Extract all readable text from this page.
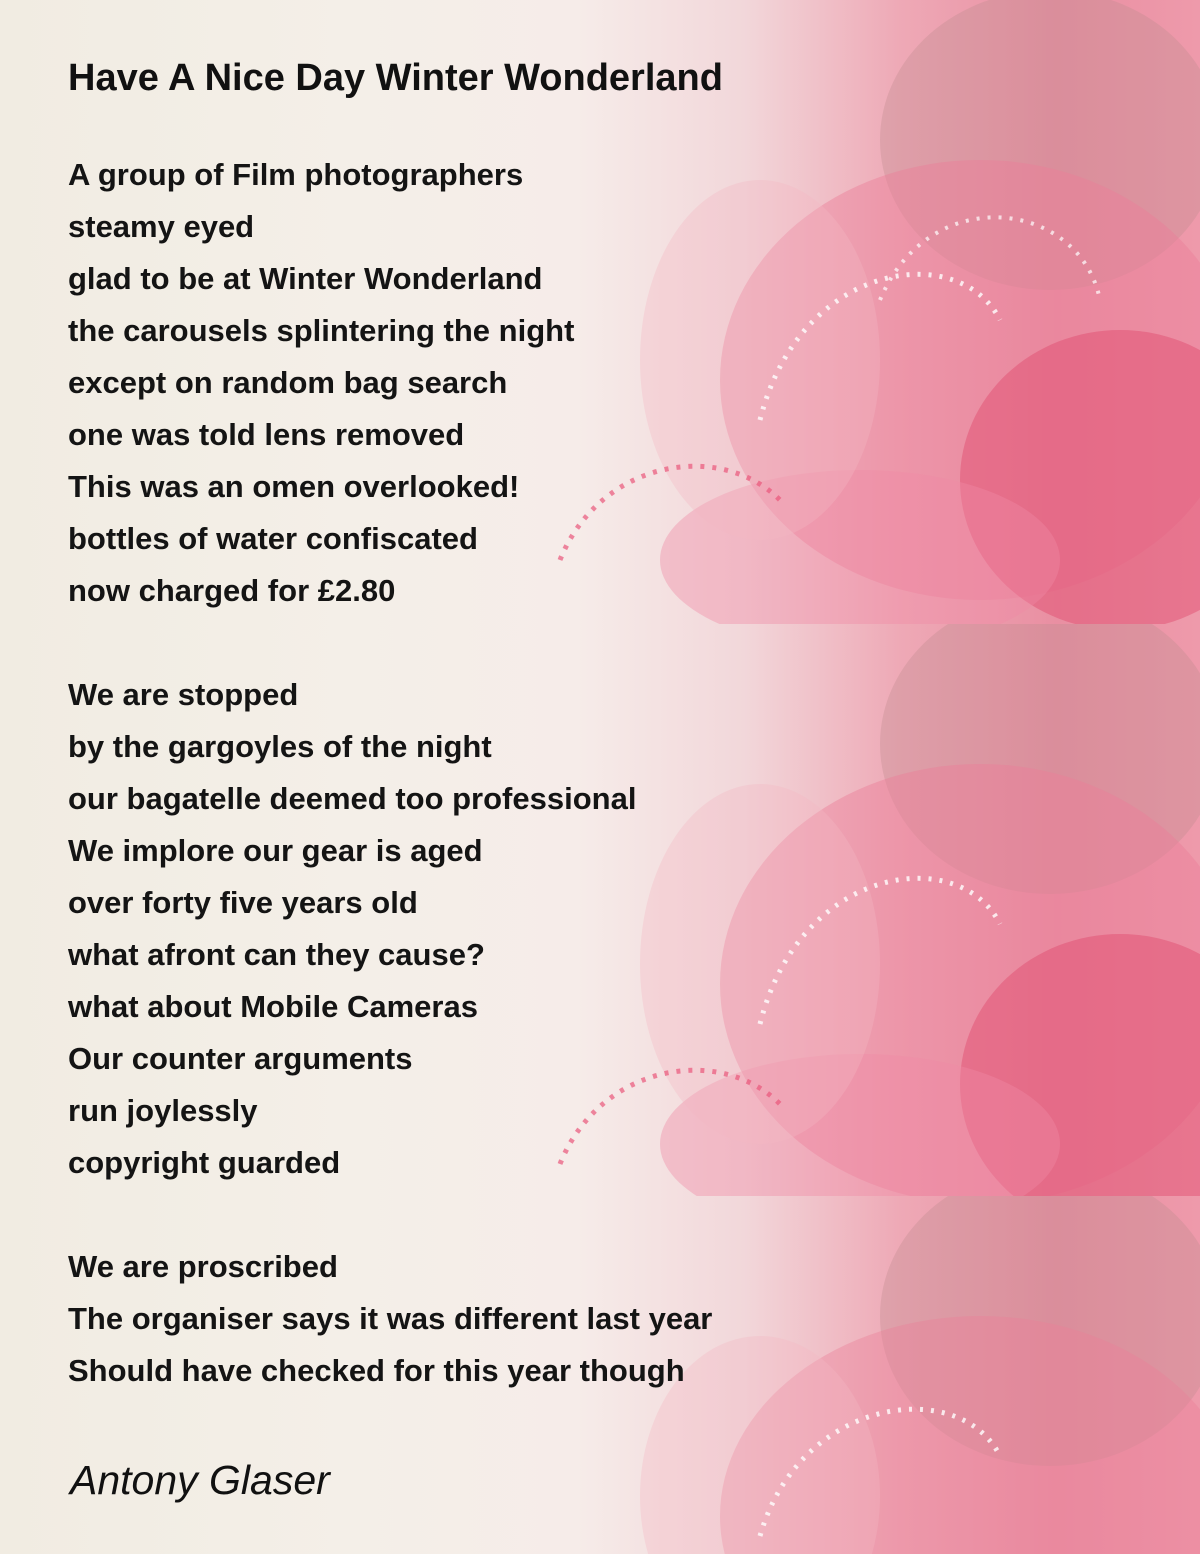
Have A Nice Day Winter Wonderland
A group of Film photographers
steamy eyed
glad to be at Winter Wonderland
the carousels splintering the night
except on random bag search
one was told lens removed
This was an omen overlooked!
bottles of water confiscated
now charged for £2.80
We are stopped
by the gargoyles of the night
our bagatelle deemed too professional
We implore our gear is aged
over forty five years old
what afront can they cause?
what about Mobile Cameras
Our counter arguments
run joylessly
copyright guarded
We are proscribed
The organiser says it was different last year
Should have checked for this year though

Antony Glaser
